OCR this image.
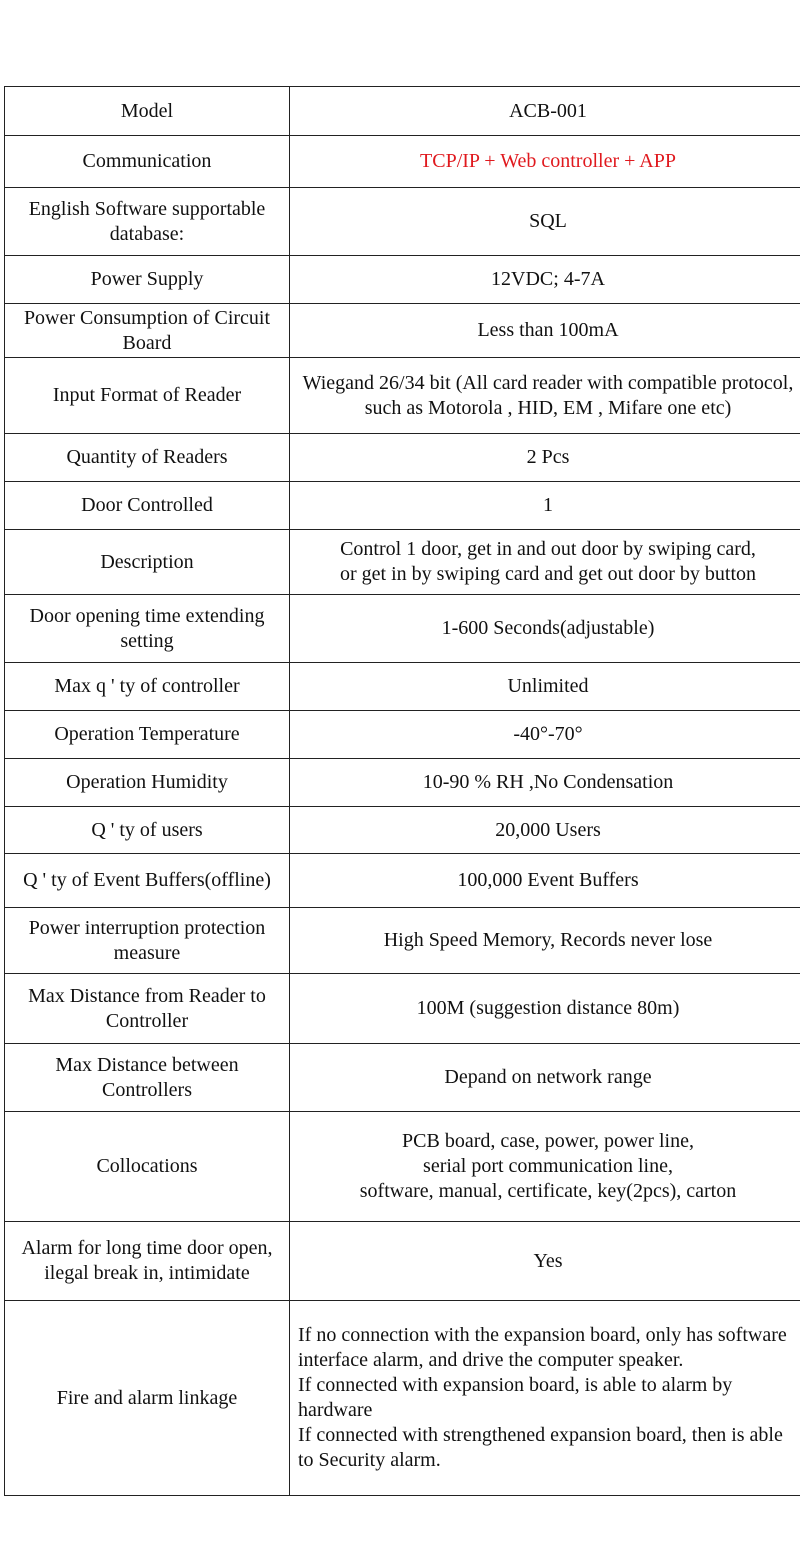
Model	ACB-001
Communication	TCP/IP + Web controller + APP
English Software supportable database:	SQL
Power Supply	12VDC; 4-7A
Power Consumption of Circuit Board	Less than 100mA
Input Format of Reader	Wiegand 26/34 bit (All card reader with compatible protocol,
such as Motorola , HID, EM , Mifare one etc)
Quantity of Readers	2 Pcs
Door Controlled	1
Description	Control 1 door, get in and out door by swiping card,
or get in by swiping card and get out door by button
Door opening time extending setting	1-600 Seconds(adjustable)
Max q ' ty of controller	Unlimited
Operation Temperature	-40°-70°
Operation Humidity	10-90 % RH ,No Condensation
Q ' ty of users	20,000 Users
Q ' ty of Event Buffers(offline)	100,000 Event Buffers
Power interruption protection measure	High Speed Memory, Records never lose
Max Distance from Reader to Controller	100M (suggestion distance 80m)
Max Distance between Controllers	Depand on network range
Collocations	PCB board, case, power, power line,
serial port communication line,
software, manual, certificate, key(2pcs), carton
Alarm for long time door open,
ilegal break in, intimidate	Yes
Fire and alarm linkage	If no connection with the expansion board, only has software interface alarm, and drive the computer speaker.
If connected with expansion board, is able to alarm by hardware
If connected with strengthened expansion board, then is able to Security alarm.
